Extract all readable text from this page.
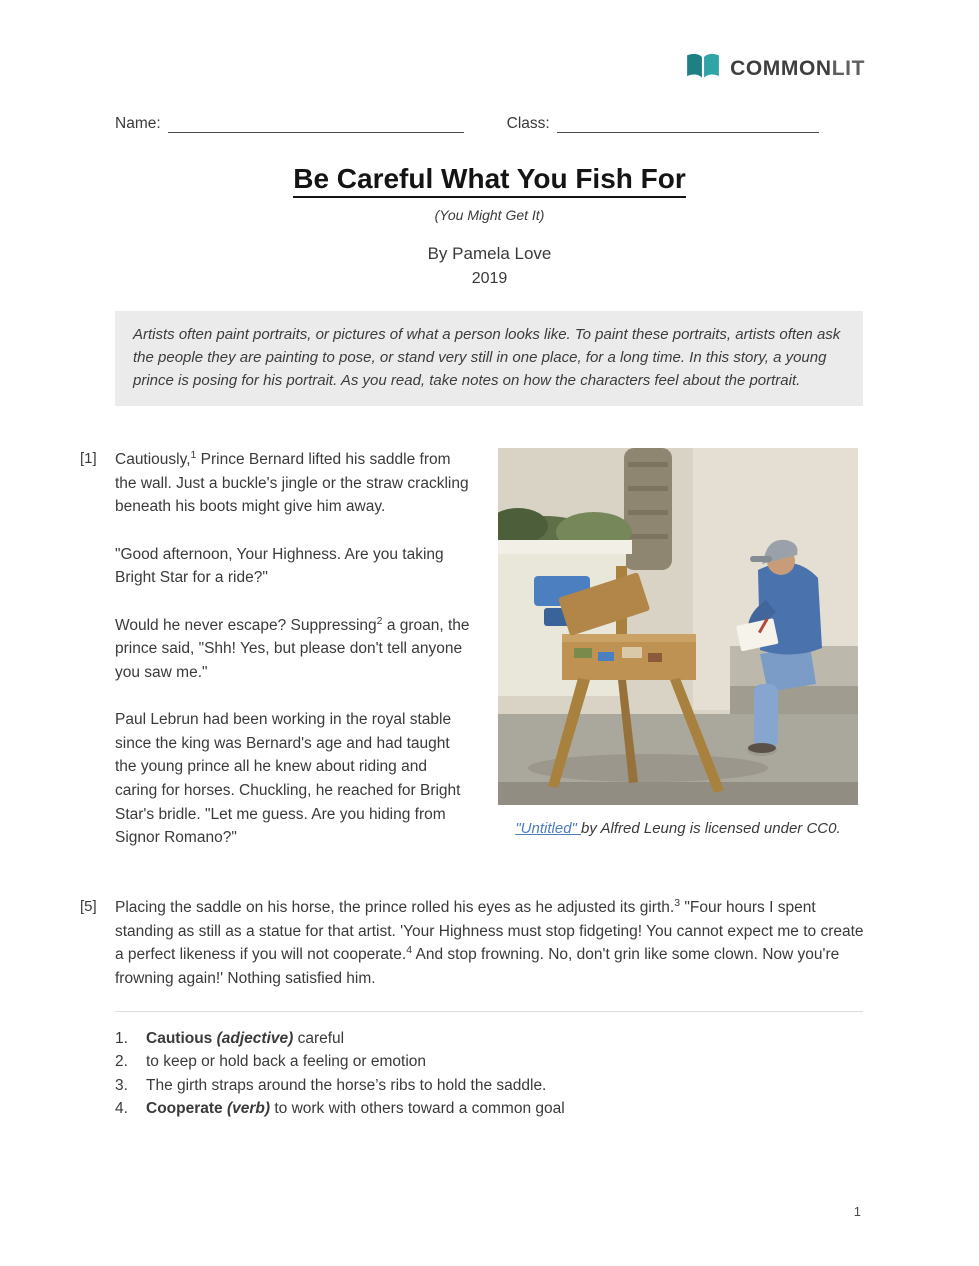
COMMONLIT
Name:	Class:
Be Careful What You Fish For
(You Might Get It)
By Pamela Love
2019
Artists often paint portraits, or pictures of what a person looks like. To paint these portraits, artists often ask the people they are painting to pose, or stand very still in one place, for a long time. In this story, a young prince is posing for his portrait. As you read, take notes on how the characters feel about the portrait.
[1]	Cautiously,$^1$ Prince Bernard lifted his saddle from the wall. Just a buckle's jingle or the straw crackling beneath his boots might give him away.

"Good afternoon, Your Highness. Are you taking Bright Star for a ride?"

Would he never escape? Suppressing$^2$ a groan, the prince said, "Shh! Yes, but please don't tell anyone you saw me."

Paul Lebrun had been working in the royal stable since the king was Bernard's age and had taught the young prince all he knew about riding and caring for horses. Chuckling, he reached for Bright Star's bridle. "Let me guess. Are you hiding from Signor Romano?"

"Untitled" by Alfred Leung is licensed under CC0.
[5]	Placing the saddle on his horse, the prince rolled his eyes as he adjusted its girth.$^3$ "Four hours I spent standing as still as a statue for that artist. 'Your Highness must stop fidgeting! You cannot expect me to create a perfect likeness if you will not cooperate.$^4$ And stop frowning. No, don't grin like some clown. Now you're frowning again!' Nothing satisfied him.
1.	Cautious (adjective) careful
2.	to keep or hold back a feeling or emotion
3.	The girth straps around the horse’s ribs to hold the saddle.
4.	Cooperate (verb) to work with others toward a common goal
1
